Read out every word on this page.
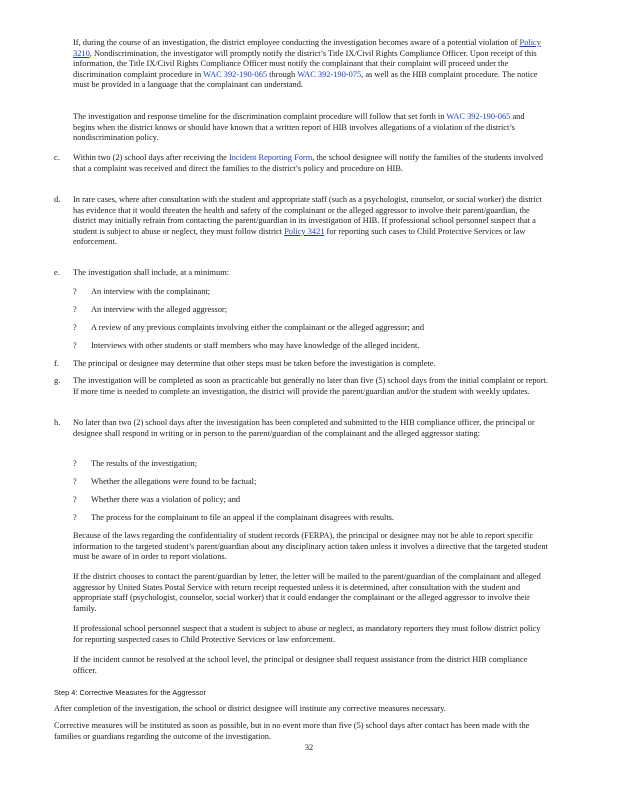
If, during the course of an investigation, the district employee conducting the investigation becomes aware of a potential violation of Policy 3210, Nondiscrimination, the investigator will promptly notify the district’s Title IX/Civil Rights Compliance Officer. Upon receipt of this information, the Title IX/Civil Rights Compliance Officer must notify the complainant that their complaint will proceed under the discrimination complaint procedure in WAC 392-190-065 through WAC 392-190-075, as well as the HIB complaint procedure. The notice must be provided in a language that the complainant can understand.

The investigation and response timeline for the discrimination complaint procedure will follow that set forth in WAC 392-190-065 and begins when the district knows or should have known that a written report of HIB involves allegations of a violation of the district’s nondiscrimination policy.

c. Within two (2) school days after receiving the Incident Reporting Form, the school designee will notify the families of the students involved that a complaint was received and direct the families to the district’s policy and procedure on HIB.

d. In rare cases, where after consultation with the student and appropriate staff (such as a psychologist, counselor, or social worker) the district has evidence that it would threaten the health and safety of the complainant or the alleged aggressor to involve their parent/guardian, the district may initially refrain from contacting the parent/guardian in its investigation of HIB. If professional school personnel suspect that a student is subject to abuse or neglect, they must follow district Policy 3421 for reporting such cases to Child Protective Services or law enforcement.

e. The investigation shall include, at a minimum:

? An interview with the complainant;

? An interview with the alleged aggressor;

? A review of any previous complaints involving either the complainant or the alleged aggressor; and

? Interviews with other students or staff members who may have knowledge of the alleged incident.

f. The principal or designee may determine that other steps must be taken before the investigation is complete.

g. The investigation will be completed as soon as practicable but generally no later than five (5) school days from the initial complaint or report. If more time is needed to complete an investigation, the district will provide the parent/guardian and/or the student with weekly updates.

h. No later than two (2) school days after the investigation has been completed and submitted to the HIB compliance officer, the principal or designee shall respond in writing or in person to the parent/guardian of the complainant and the alleged aggressor stating:

? The results of the investigation;

? Whether the allegations were found to be factual;

? Whether there was a violation of policy; and

? The process for the complainant to file an appeal if the complainant disagrees with results.

Because of the laws regarding the confidentiality of student records (FERPA), the principal or designee may not be able to report specific information to the targeted student’s parent/guardian about any disciplinary action taken unless it involves a directive that the targeted student must be aware of in order to report violations.

If the district chooses to contact the parent/guardian by letter, the letter will be mailed to the parent/guardian of the complainant and alleged aggressor by United States Postal Service with return receipt requested unless it is determined, after consultation with the student and appropriate staff (psychologist, counselor, social worker) that it could endanger the complainant or the alleged aggressor to involve their family.

If professional school personnel suspect that a student is subject to abuse or neglect, as mandatory reporters they must follow district policy for reporting suspected cases to Child Protective Services or law enforcement.

If the incident cannot be resolved at the school level, the principal or designee shall request assistance from the district HIB compliance officer.

Step 4: Corrective Measures for the Aggressor

After completion of the investigation, the school or district designee will institute any corrective measures necessary.

Corrective measures will be instituted as soon as possible, but in no event more than five (5) school days after contact has been made with the families or guardians regarding the outcome of the investigation.

32
